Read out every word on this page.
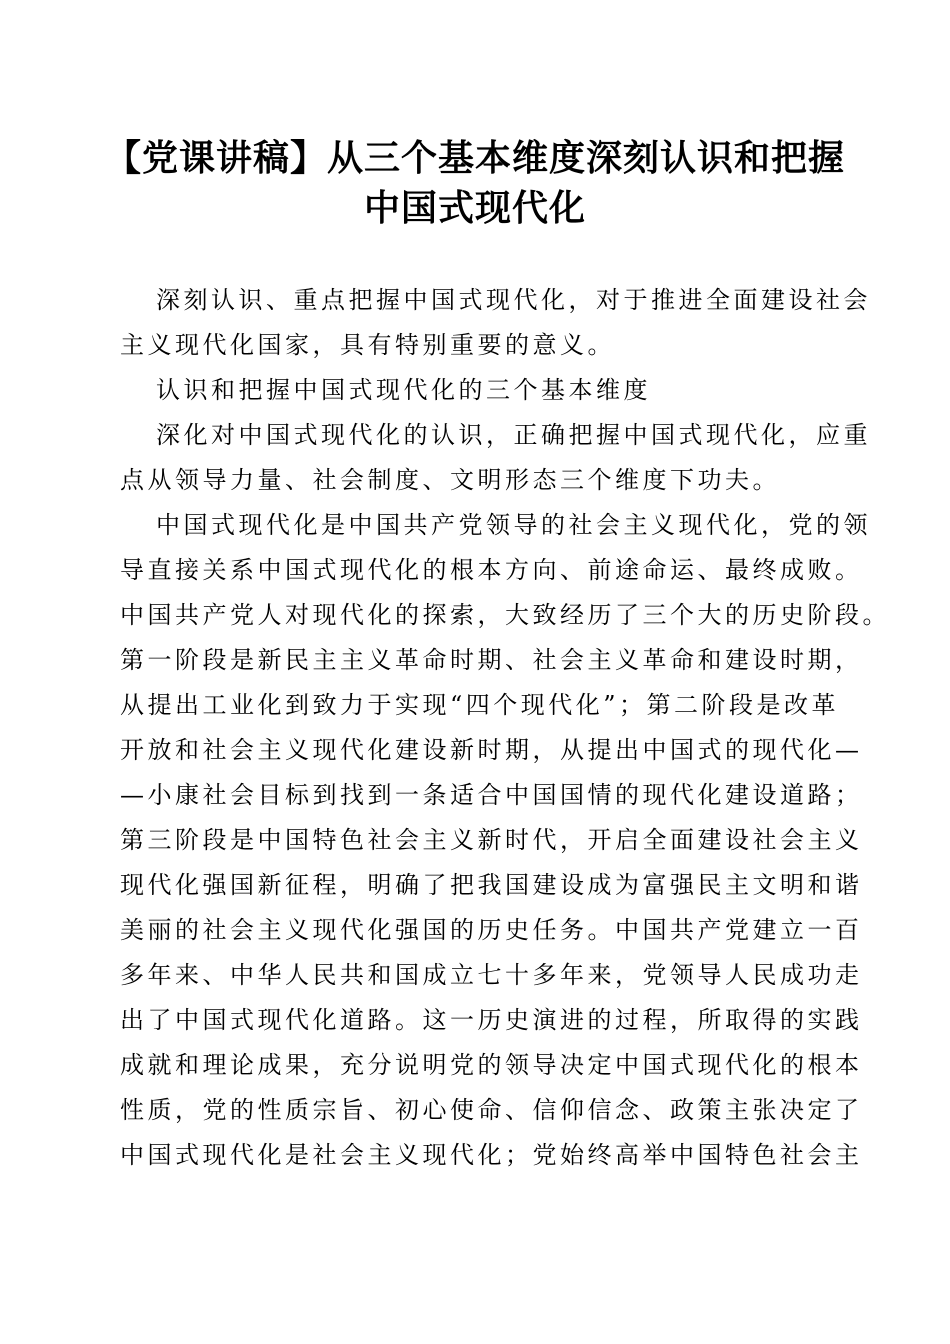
【党课讲稿】从三个基本维度深刻认识和把握
中国式现代化

深刻认识、重点把握中国式现代化，对于推进全面建设社会
主义现代化国家，具有特别重要的意义。

认识和把握中国式现代化的三个基本维度

深化对中国式现代化的认识，正确把握中国式现代化，应重
点从领导力量、社会制度、文明形态三个维度下功夫。

中国式现代化是中国共产党领导的社会主义现代化，党的领
导直接关系中国式现代化的根本方向、前途命运、最终成败。
中国共产党人对现代化的探索，大致经历了三个大的历史阶段。
第一阶段是新民主主义革命时期、社会主义革命和建设时期，
从提出工业化到致力于实现“四个现代化”；第二阶段是改革
开放和社会主义现代化建设新时期，从提出中国式的现代化—
—小康社会目标到找到一条适合中国国情的现代化建设道路；
第三阶段是中国特色社会主义新时代，开启全面建设社会主义
现代化强国新征程，明确了把我国建设成为富强民主文明和谐
美丽的社会主义现代化强国的历史任务。中国共产党建立一百
多年来、中华人民共和国成立七十多年来，党领导人民成功走
出了中国式现代化道路。这一历史演进的过程，所取得的实践
成就和理论成果，充分说明党的领导决定中国式现代化的根本
性质，党的性质宗旨、初心使命、信仰信念、政策主张决定了
中国式现代化是社会主义现代化；党始终高举中国特色社会主
